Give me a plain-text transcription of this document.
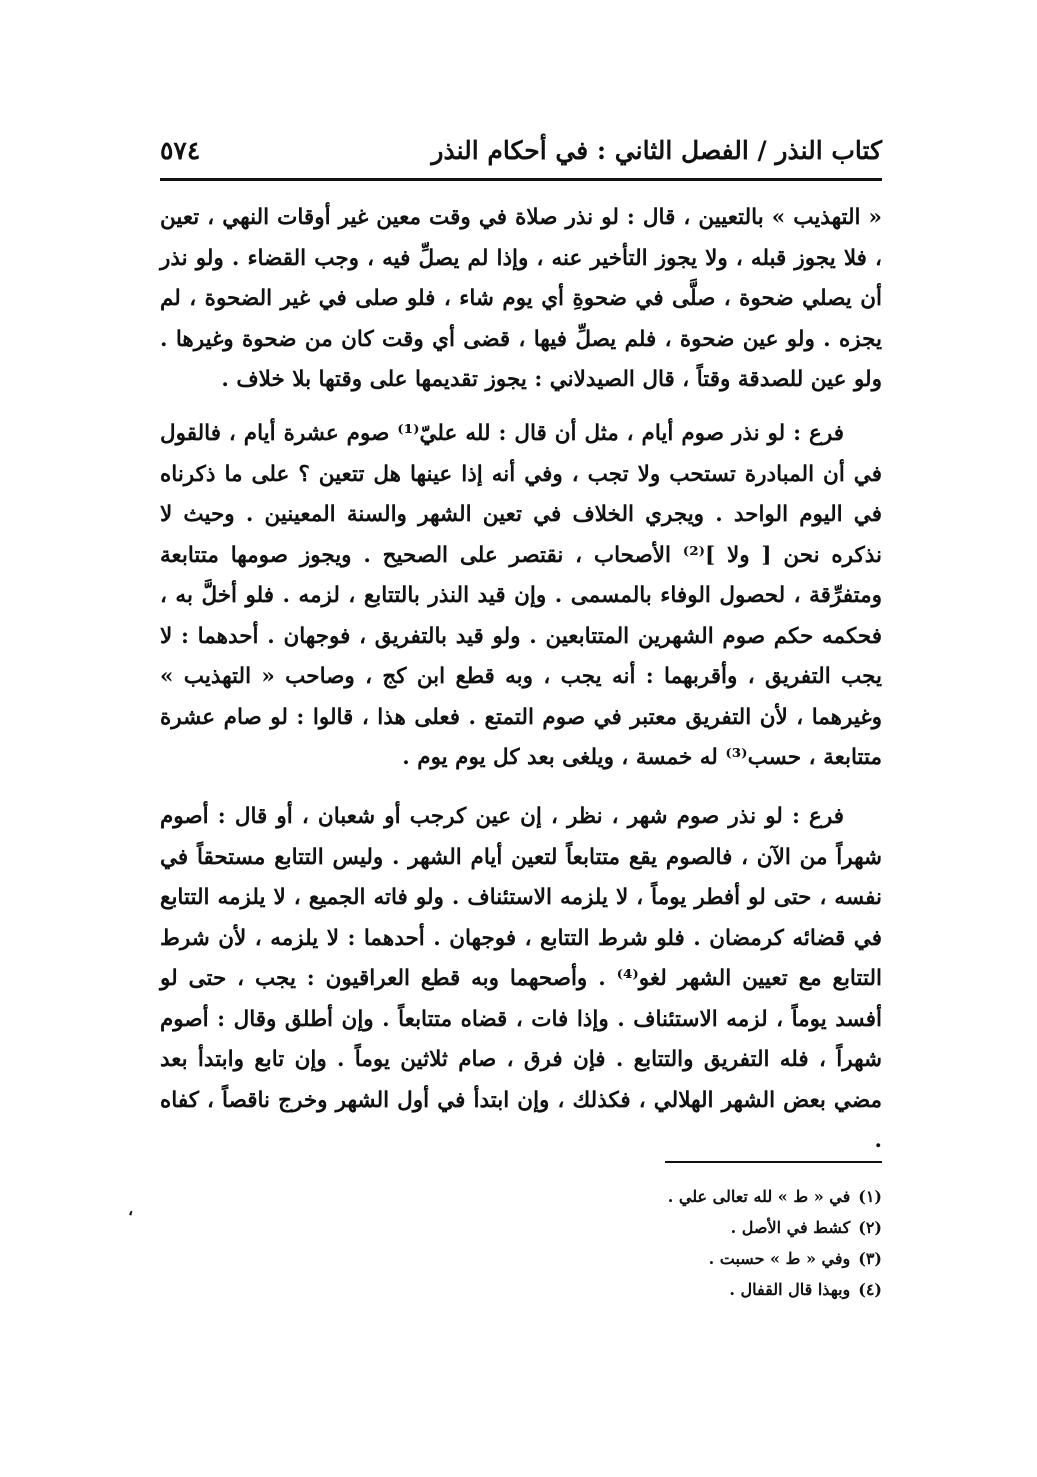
كتاب النذر / الفصل الثاني : في أحكام النذر
٥٧٤

« التهذيب » بالتعيين ، قال : لو نذر صلاة في وقت معين غير أوقات النهي ، تعين ، فلا يجوز قبله ، ولا يجوز التأخير عنه ، وإذا لم يصلِّ فيه ، وجب القضاء . ولو نذر أن يصلي ضحوة ، صلَّى في ضحوةِ أي يوم شاء ، فلو صلى في غير الضحوة ، لم يجزه . ولو عين ضحوة ، فلم يصلِّ فيها ، قضى أي وقت كان من ضحوة وغيرها . ولو عين للصدقة وقتاً ، قال الصيدلاني : يجوز تقديمها على وقتها بلا خلاف .

فرع : لو نذر صوم أيام ، مثل أن قال : لله عليّ⁽¹⁾ صوم عشرة أيام ، فالقول في أن المبادرة تستحب ولا تجب ، وفي أنه إذا عينها هل تتعين ؟ على ما ذكرناه في اليوم الواحد . ويجري الخلاف في تعين الشهر والسنة المعينين . وحيث لا نذكره نحن [ ولا ]⁽²⁾ الأصحاب ، نقتصر على الصحيح . ويجوز صومها متتابعة ومتفرِّقة ، لحصول الوفاء بالمسمى . وإن قيد النذر بالتتابع ، لزمه . فلو أخلَّ به ، فحكمه حكم صوم الشهرين المتتابعين . ولو قيد بالتفريق ، فوجهان . أحدهما : لا يجب التفريق ، وأقربهما : أنه يجب ، وبه قطع ابن كج ، وصاحب « التهذيب » وغيرهما ، لأن التفريق معتبر في صوم التمتع . فعلى هذا ، قالوا : لو صام عشرة متتابعة ، حسب⁽³⁾ له خمسة ، ويلغى بعد كل يوم يوم .

فرع : لو نذر صوم شهر ، نظر ، إن عين كرجب أو شعبان ، أو قال : أصوم شهراً من الآن ، فالصوم يقع متتابعاً لتعين أيام الشهر . وليس التتابع مستحقاً في نفسه ، حتى لو أفطر يوماً ، لا يلزمه الاستئناف . ولو فاته الجميع ، لا يلزمه التتابع في قضائه كرمضان . فلو شرط التتابع ، فوجهان . أحدهما : لا يلزمه ، لأن شرط التتابع مع تعيين الشهر لغو⁽⁴⁾ . وأصحهما وبه قطع العراقيون : يجب ، حتى لو أفسد يوماً ، لزمه الاستئناف . وإذا فات ، قضاه متتابعاً . وإن أطلق وقال : أصوم شهراً ، فله التفريق والتتابع . فإن فرق ، صام ثلاثين يوماً . وإن تابع وابتدأ بعد مضي بعض الشهر الهلالي ، فكذلك ، وإن ابتدأ في أول الشهر وخرج ناقصاً ، كفاه .

(١)في « ط » لله تعالى علي .
(٢)كشط في الأصل .
(٣)وفي « ط » حسبت .
(٤)وبهذا قال القفال .
،
